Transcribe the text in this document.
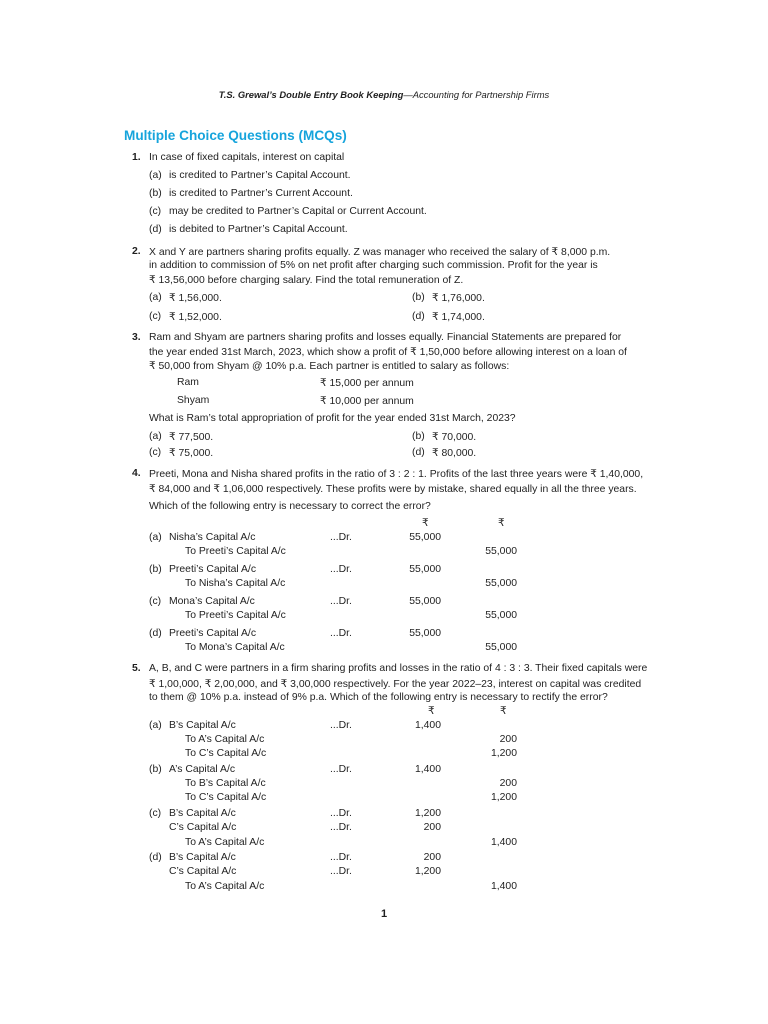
T.S. Grewal’s Double Entry Book Keeping—Accounting for Partnership Firms
Multiple Choice Questions (MCQs)
1. In case of fixed capitals, interest on capital
(a) is credited to Partner’s Capital Account.
(b) is credited to Partner’s Current Account.
(c) may be credited to Partner’s Capital or Current Account.
(d) is debited to Partner’s Capital Account.
2. X and Y are partners sharing profits equally. Z was manager who received the salary of ₹ 8,000 p.m.
in addition to commission of 5% on net profit after charging such commission. Profit for the year is
₹ 13,56,000 before charging salary. Find the total remuneration of Z.
(a) ₹ 1,56,000.	(b) ₹ 1,76,000.
(c) ₹ 1,52,000.	(d) ₹ 1,74,000.
3. Ram and Shyam are partners sharing profits and losses equally. Financial Statements are prepared for
the year ended 31st March, 2023, which show a profit of ₹ 1,50,000 before allowing interest on a loan of
₹ 50,000 from Shyam @ 10% p.a. Each partner is entitled to salary as follows:
Ram	₹ 15,000 per annum
Shyam	₹ 10,000 per annum
What is Ram’s total appropriation of profit for the year ended 31st March, 2023?
(a) ₹ 77,500.	(b) ₹ 70,000.
(c) ₹ 75,000.	(d) ₹ 80,000.
4. Preeti, Mona and Nisha shared profits in the ratio of 3 : 2 : 1. Profits of the last three years were ₹ 1,40,000,
₹ 84,000 and ₹ 1,06,000 respectively. These profits were by mistake, shared equally in all the three years.
Which of the following entry is necessary to correct the error?
₹	₹
(a) Nisha’s Capital A/c	...Dr.	55,000
To Preeti’s Capital A/c	55,000
(b) Preeti’s Capital A/c	...Dr.	55,000
To Nisha’s Capital A/c	55,000
(c) Mona’s Capital A/c	...Dr.	55,000
To Preeti’s Capital A/c	55,000
(d) Preeti’s Capital A/c	...Dr.	55,000
To Mona’s Capital A/c	55,000
5. A, B, and C were partners in a firm sharing profits and losses in the ratio of 4 : 3 : 3. Their fixed capitals were
₹ 1,00,000, ₹ 2,00,000, and ₹ 3,00,000 respectively. For the year 2022–23, interest on capital was credited
to them @ 10% p.a. instead of 9% p.a. Which of the following entry is necessary to rectify the error?
₹	₹
(a) B’s Capital A/c	...Dr.	1,400
To A’s Capital A/c	200
To C’s Capital A/c	1,200
(b) A’s Capital A/c	...Dr.	1,400
To B’s Capital A/c	200
To C’s Capital A/c	1,200
(c) B’s Capital A/c	...Dr.	1,200
C’s Capital A/c	...Dr.	200
To A’s Capital A/c	1,400
(d) B’s Capital A/c	...Dr.	200
C’s Capital A/c	...Dr.	1,200
To A’s Capital A/c	1,400
1
